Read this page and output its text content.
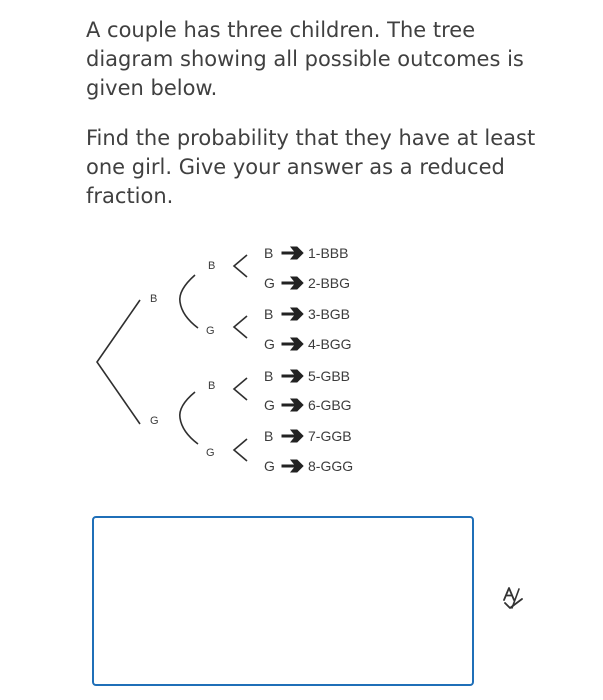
A couple has three children. The tree diagram showing all possible outcomes is given below.

Find the probability that they have at least one girl. Give your answer as a reduced fraction.

B
G
B
G
B
G
B
G
B
G
B
G
B
G
1-BBB
2-BBG
3-BGB
4-BGG
5-GBB
6-GBG
7-GGB
8-GGG
